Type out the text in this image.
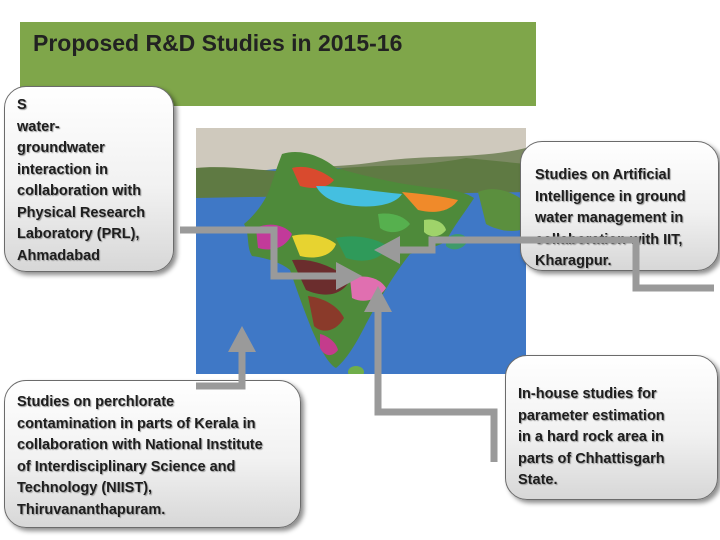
Proposed R&D Studies in 2015-16
S
water-
groundwater
interaction in
collaboration with
Physical Research
Laboratory (PRL),
Ahmadabad
Studies on Artificial
Intelligence in ground
water management in
collaboration with IIT,
Kharagpur.
Studies on perchlorate
contamination in parts of Kerala in
collaboration with National Institute
of Interdisciplinary Science and
Technology (NIIST),
Thiruvananthapuram.
In-house studies for
parameter estimation
in a hard rock area in
parts of Chhattisgarh
State.
